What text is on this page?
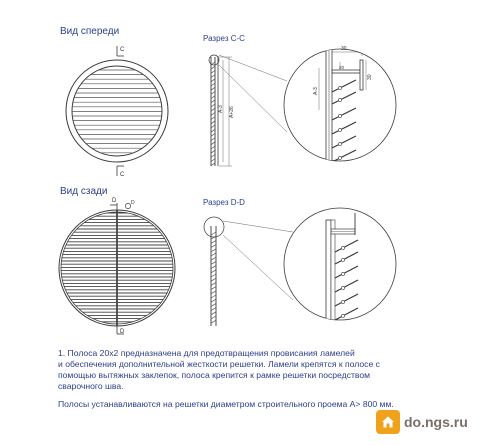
Вид спереди
Вид сзади
Разрез C-C
Разрез D-D
C
C
D
D
D
A-3 A+26
30
20
30
A-3

1. Полоса 20х2 предназначена для предотвращения провисания ламелей

и обеспечения дополнительной жесткости решетки. Ламели крепятся к полосе с

помощью вытяжных заклепок, полоса крепится к рамке решетки посредством

сварочного шва.

Полосы устанавливаются на решетки диаметром строительного проема A> 800 мм.

do.ngs.ru
